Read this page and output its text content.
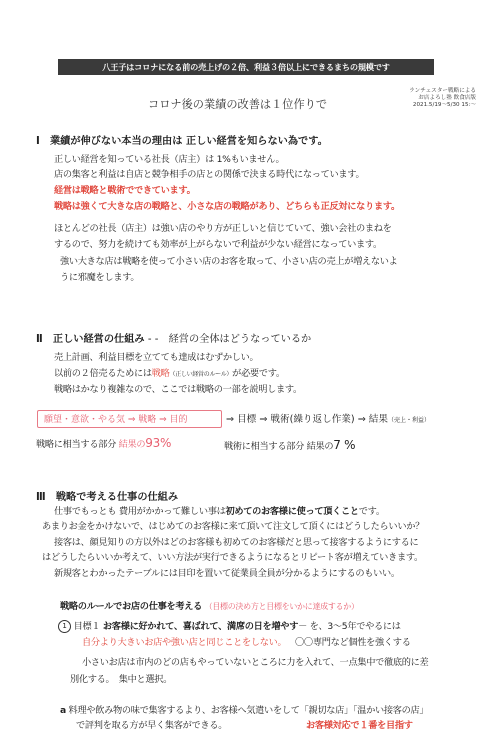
八王子はコロナになる前の売上げの２倍、利益３倍以上にできるまちの規模です
ランチェスター戦略による
お店よろし塾 飲食店版
2021.5/19～5/30 15:～
コロナ後の業績の改善は１位作りで
Ⅰ　業績が伸びない本当の理由は 正しい経営を知らない為です。
正しい経営を知っている社長（店主）は 1%もいません。
店の集客と利益は自店と競争相手の店との関係で決まる時代になっています。
経営は戦略と戦術でできています。
戦略は強くて大きな店の戦略と、小さな店の戦略があり、どちらも正反対になります。
ほとんどの社長（店主）は強い店のやり方が正しいと信じていて、強い会社のまねを
するので、努力を続けても効率が上がらないで利益が少ない経営になっています。
強い大きな店は戦略を使って小さい店のお客を取って、小さい店の売上が増えないよ
うに邪魔をします。
Ⅱ　正しい経営の仕組み - -　経営の全体はどうなっているか
売上計画、利益目標を立てても達成はむずかしい。
以前の２倍売るためには戦略（正しい経営のルール）が必要です。
戦略はかなり複雑なので、ここでは戦略の一部を説明します。
願望・意欲・やる気 ⇒ 戦略 ⇒ 目的	⇒ 目標 ⇒ 戦術(繰り返し作業) ⇒ 結果（売上・利益）
戦略に相当する部分 結果の93%	戦術に相当する部分 結果の7 %
Ⅲ　戦略で考える仕事の仕組み
仕事でもっとも 費用がかかって難しい事は初めてのお客様に使って頂くことです。
あまりお金をかけないで、はじめてのお客様に来て頂いて注文して頂くにはどうしたらいいか？
接客は、顔見知りの方以外はどのお客様も初めてのお客様だと思って接客するようにするに
はどうしたらいいか考えて、いい方法が実行できるようになるとリピート客が増えていきます。
新規客とわかったテーブルには目印を置いて従業員全員が分かるようにするのもいい。
戦略のルールでお店の仕事を考える （目標の決め方と目標をいかに達成するか）
1 目標１ お客様に好かれて、喜ばれて、満席の日を増やす－ を、3～5年でやるには
自分より大きいお店や強い店と同じことをしない。 〇〇専門など個性を強くする
小さいお店は市内のどの店もやっていないところに力を入れて、一点集中で徹底的に差
別化する。　集中と選択。
a 料理や飲み物の味で集客するより、お客様へ気遣いをして「親切な店」「温かい接客の店」
で評判を取る方が早く集客ができる。	お客様対応で１番を目指す
